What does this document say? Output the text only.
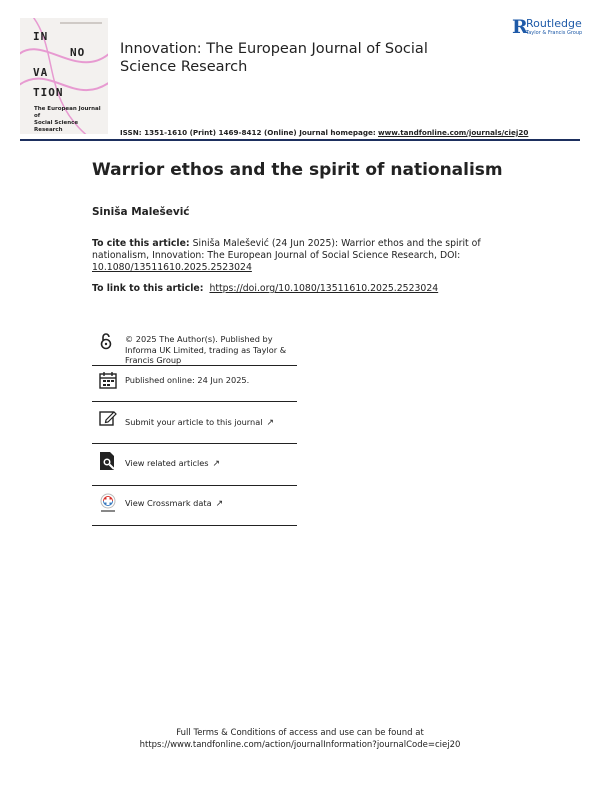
IN
NO
VA
TION
The European Journal of
Social Science Research
Innovation: The European Journal of Social Science Research
ISSN: 1351-1610 (Print) 1469-8412 (Online) Journal homepage: www.tandfonline.com/journals/ciej20
R
Routledge
Taylor & Francis Group
Warrior ethos and the spirit of nationalism
Siniša Malešević
To cite this article: Siniša Malešević (24 Jun 2025): Warrior ethos and the spirit of nationalism, Innovation: The European Journal of Social Science Research, DOI: 10.1080/13511610.2025.2523024
To link to this article: https://doi.org/10.1080/13511610.2025.2523024
© 2025 The Author(s). Published by Informa UK Limited, trading as Taylor & Francis Group
Published online: 24 Jun 2025.
Submit your article to this journal ↗
View related articles ↗
View Crossmark data ↗
Full Terms & Conditions of access and use can be found at
https://www.tandfonline.com/action/journalInformation?journalCode=ciej20
